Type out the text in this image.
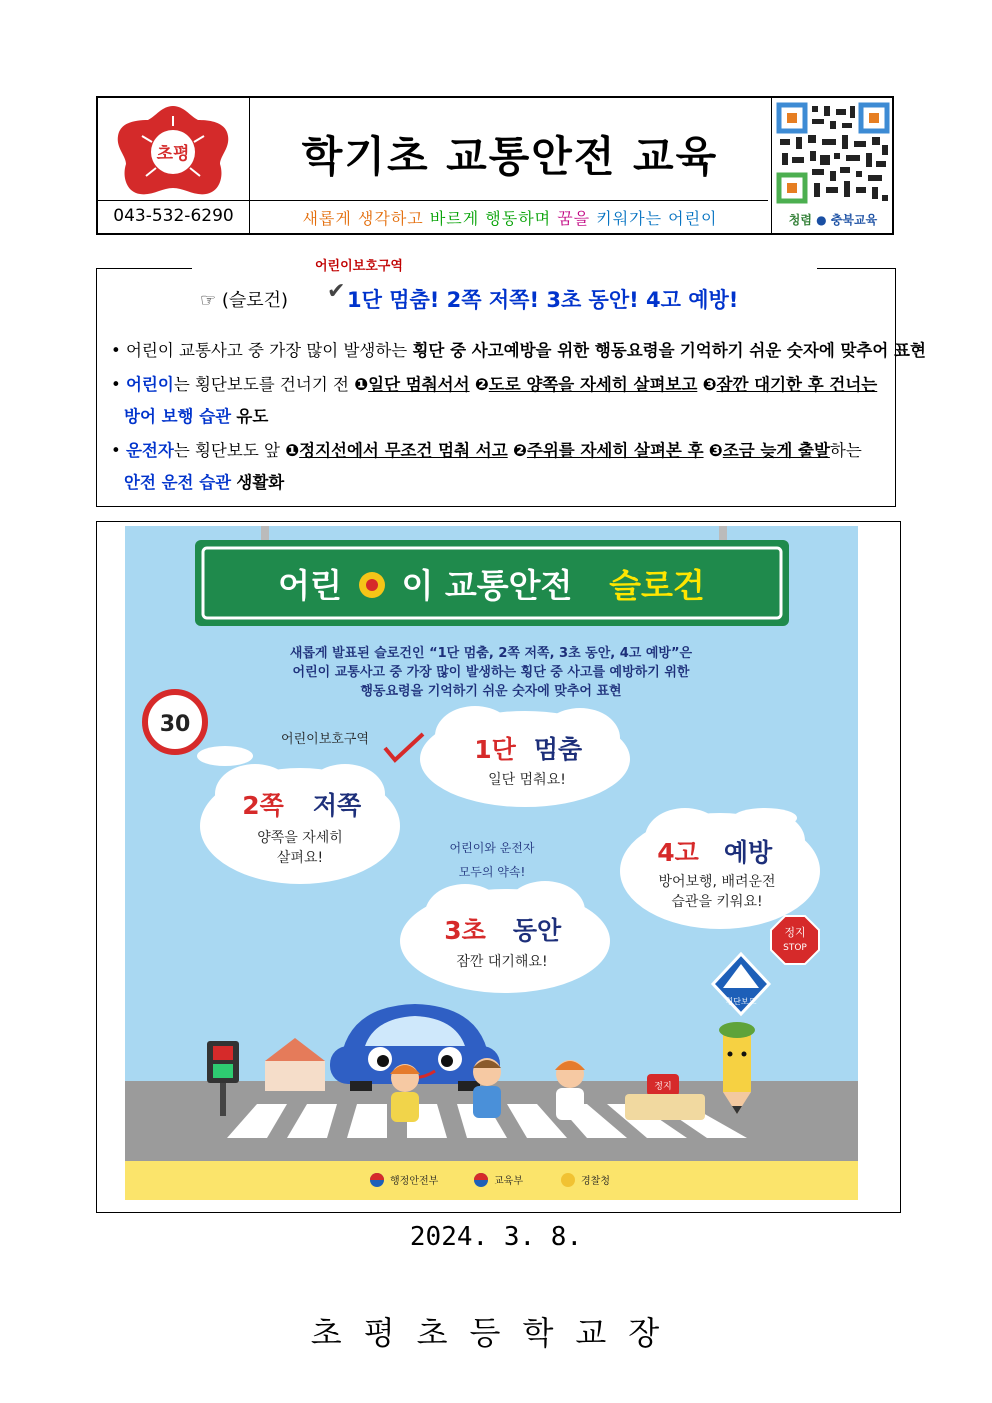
초평	학기초 교통안전 교육
043-532-6290	새롭게 생각하고 바르게 행동하며 꿈을 키워가는 어린이	청렴 ● 충북교육
어린이보호구역
☞ (슬로건) ✔ 1단 멈춤! 2쪽 저쪽! 3초 동안! 4고 예방!
• 어린이 교통사고 중 가장 많이 발생하는 횡단 중 사고예방을 위한 행동요령을 기억하기 쉬운 숫자에 맞추어 표현
• 어린이는 횡단보도를 건너기 전 ❶일단 멈춰서서 ❷도로 양쪽을 자세히 살펴보고 ❸잠깐 대기한 후 건너는
방어 보행 습관 유도
• 운전자는 횡단보도 앞 ❶정지선에서 무조건 멈춰 서고 ❷주위를 자세히 살펴본 후 ❸조금 늦게 출발하는
안전 운전 습관 생활화
어린 이 교통안전 슬로건
새롭게 발표된 슬로건인 “1단 멈춤, 2쪽 저쪽, 3초 동안, 4고 예방”은
어린이 교통사고 중 가장 많이 발생하는 횡단 중 사고를 예방하기 위한
행동요령을 기억하기 쉬운 숫자에 맞추어 표현
30
어린이보호구역	1단 멈춤
일단 멈춰요!
2쪽 저쪽
양쪽을 자세히
살펴요!
어린이와 운전자
모두의 약속!
4고 예방
방어보행, 배려운전
습관을 키워요!
3초 동안
잠깐 대기해요!
정지
STOP
횡단보도
정지
행정안전부	교육부	경찰청
2024. 3. 8.
초평초등학교장
